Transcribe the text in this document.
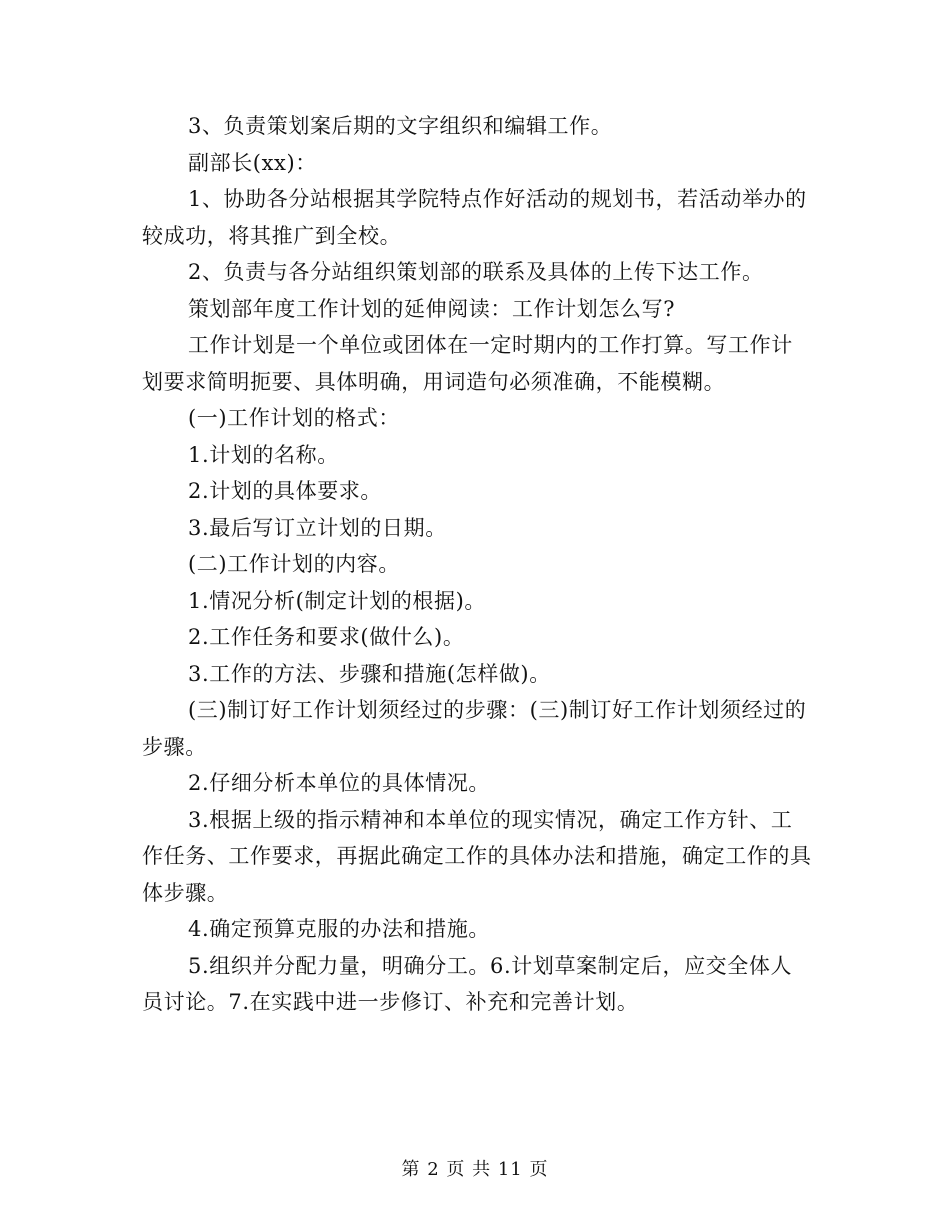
3、负责策划案后期的文字组织和编辑工作。

副部长(xx)：

1、协助各分站根据其学院特点作好活动的规划书，若活动举办的较成功，将其推广到全校。

2、负责与各分站组织策划部的联系及具体的上传下达工作。

策划部年度工作计划的延伸阅读：工作计划怎么写?

工作计划是一个单位或团体在一定时期内的工作打算。写工作计划要求简明扼要、具体明确，用词造句必须准确，不能模糊。

(一)工作计划的格式：

1.计划的名称。

2.计划的具体要求。

3.最后写订立计划的日期。

(二)工作计划的内容。

1.情况分析(制定计划的根据)。

2.工作任务和要求(做什么)。

3.工作的方法、步骤和措施(怎样做)。

(三)制订好工作计划须经过的步骤：(三)制订好工作计划须经过的步骤。

2.仔细分析本单位的具体情况。

3.根据上级的指示精神和本单位的现实情况，确定工作方针、工作任务、工作要求，再据此确定工作的具体办法和措施，确定工作的具体步骤。

4.确定预算克服的办法和措施。

5.组织并分配力量，明确分工。6.计划草案制定后，应交全体人员讨论。7.在实践中进一步修订、补充和完善计划。

第 2 页 共 11 页
